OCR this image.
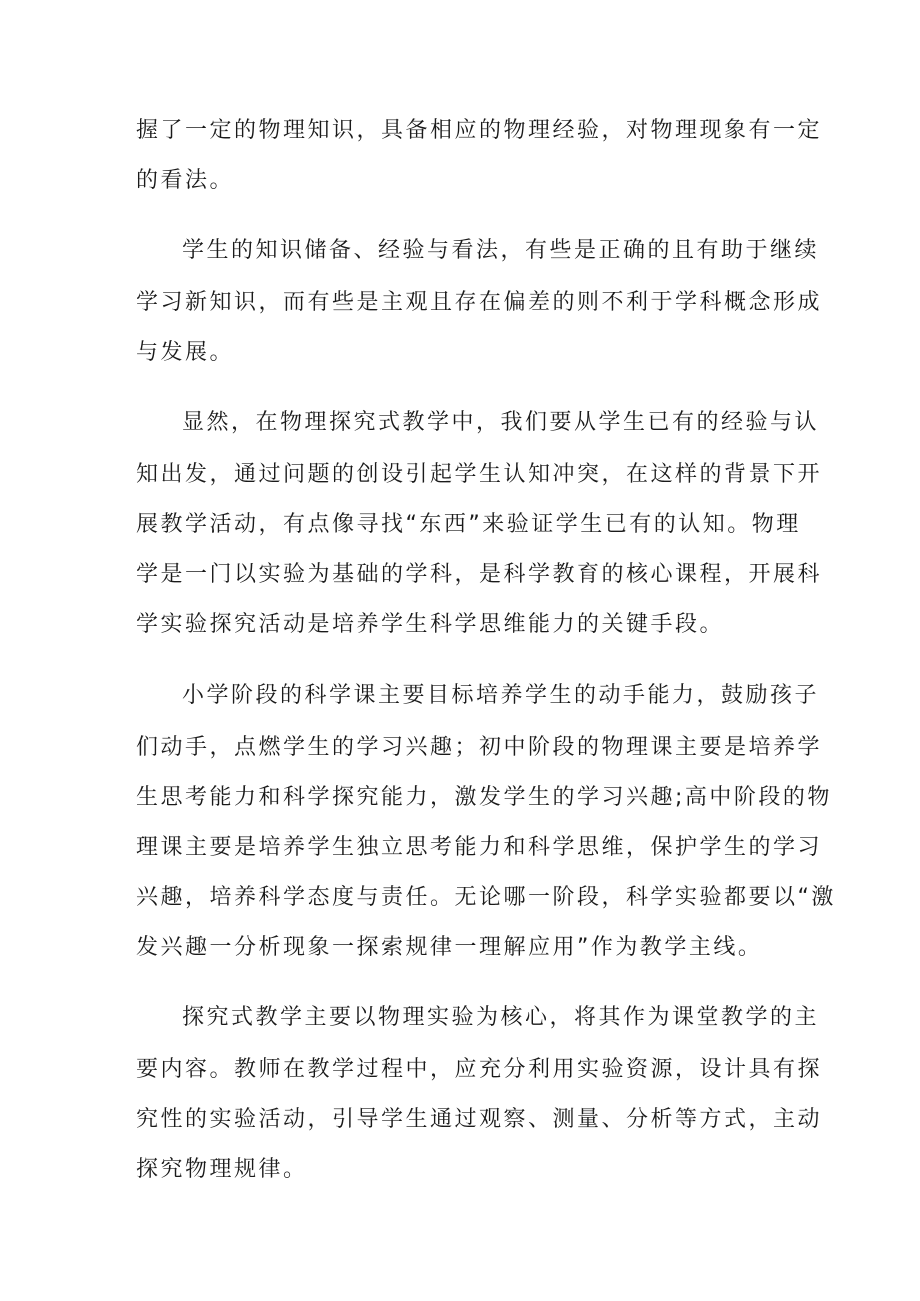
握了一定的物理知识，具备相应的物理经验，对物理现象有一定
的看法。
学生的知识储备、经验与看法，有些是正确的且有助于继续
学习新知识，而有些是主观且存在偏差的则不利于学科概念形成
与发展。
显然，在物理探究式教学中，我们要从学生已有的经验与认
知出发，通过问题的创设引起学生认知冲突，在这样的背景下开
展教学活动，有点像寻找“东西”来验证学生已有的认知。物理
学是一门以实验为基础的学科，是科学教育的核心课程，开展科
学实验探究活动是培养学生科学思维能力的关键手段。
小学阶段的科学课主要目标培养学生的动手能力，鼓励孩子
们动手，点燃学生的学习兴趣；初中阶段的物理课主要是培养学
生思考能力和科学探究能力，激发学生的学习兴趣;高中阶段的物
理课主要是培养学生独立思考能力和科学思维，保护学生的学习
兴趣，培养科学态度与责任。无论哪一阶段，科学实验都要以“激
发兴趣一分析现象一探索规律一理解应用”作为教学主线。
探究式教学主要以物理实验为核心，将其作为课堂教学的主
要内容。教师在教学过程中，应充分利用实验资源，设计具有探
究性的实验活动，引导学生通过观察、测量、分析等方式，主动
探究物理规律。
